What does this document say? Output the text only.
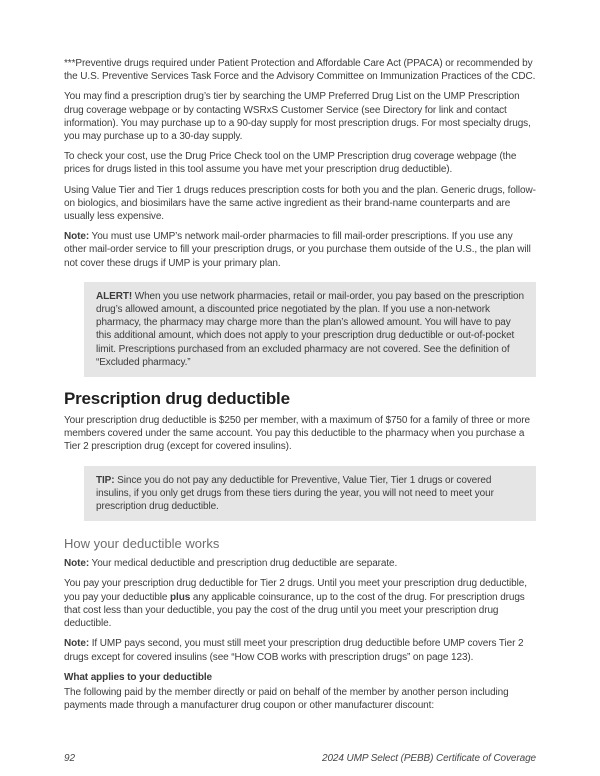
***Preventive drugs required under Patient Protection and Affordable Care Act (PPACA) or recommended by the U.S. Preventive Services Task Force and the Advisory Committee on Immunization Practices of the CDC.

You may find a prescription drug’s tier by searching the UMP Preferred Drug List on the UMP Prescription drug coverage webpage or by contacting WSRxS Customer Service (see Directory for link and contact information). You may purchase up to a 90-day supply for most prescription drugs. For most specialty drugs, you may purchase up to a 30-day supply.

To check your cost, use the Drug Price Check tool on the UMP Prescription drug coverage webpage (the prices for drugs listed in this tool assume you have met your prescription drug deductible).

Using Value Tier and Tier 1 drugs reduces prescription costs for both you and the plan. Generic drugs, follow-on biologics, and biosimilars have the same active ingredient as their brand-name counterparts and are usually less expensive.

Note: You must use UMP’s network mail-order pharmacies to fill mail-order prescriptions. If you use any other mail-order service to fill your prescription drugs, or you purchase them outside of the U.S., the plan will not cover these drugs if UMP is your primary plan.

ALERT! When you use network pharmacies, retail or mail-order, you pay based on the prescription drug’s allowed amount, a discounted price negotiated by the plan. If you use a non-network pharmacy, the pharmacy may charge more than the plan’s allowed amount. You will have to pay this additional amount, which does not apply to your prescription drug deductible or out-of-pocket limit. Prescriptions purchased from an excluded pharmacy are not covered. See the definition of “Excluded pharmacy.”
Prescription drug deductible

Your prescription drug deductible is $250 per member, with a maximum of $750 for a family of three or more members covered under the same account. You pay this deductible to the pharmacy when you purchase a Tier 2 prescription drug (except for covered insulins).

TIP: Since you do not pay any deductible for Preventive, Value Tier, Tier 1 drugs or covered insulins, if you only get drugs from these tiers during the year, you will not need to meet your prescription drug deductible.
How your deductible works

Note: Your medical deductible and prescription drug deductible are separate.

You pay your prescription drug deductible for Tier 2 drugs. Until you meet your prescription drug deductible, you pay your deductible plus any applicable coinsurance, up to the cost of the drug. For prescription drugs that cost less than your deductible, you pay the cost of the drug until you meet your prescription drug deductible.

Note: If UMP pays second, you must still meet your prescription drug deductible before UMP covers Tier 2 drugs except for covered insulins (see “How COB works with prescription drugs” on page 123).

What applies to your deductible

The following paid by the member directly or paid on behalf of the member by another person including payments made through a manufacturer drug coupon or other manufacturer discount:

92	2024 UMP Select (PEBB) Certificate of Coverage
